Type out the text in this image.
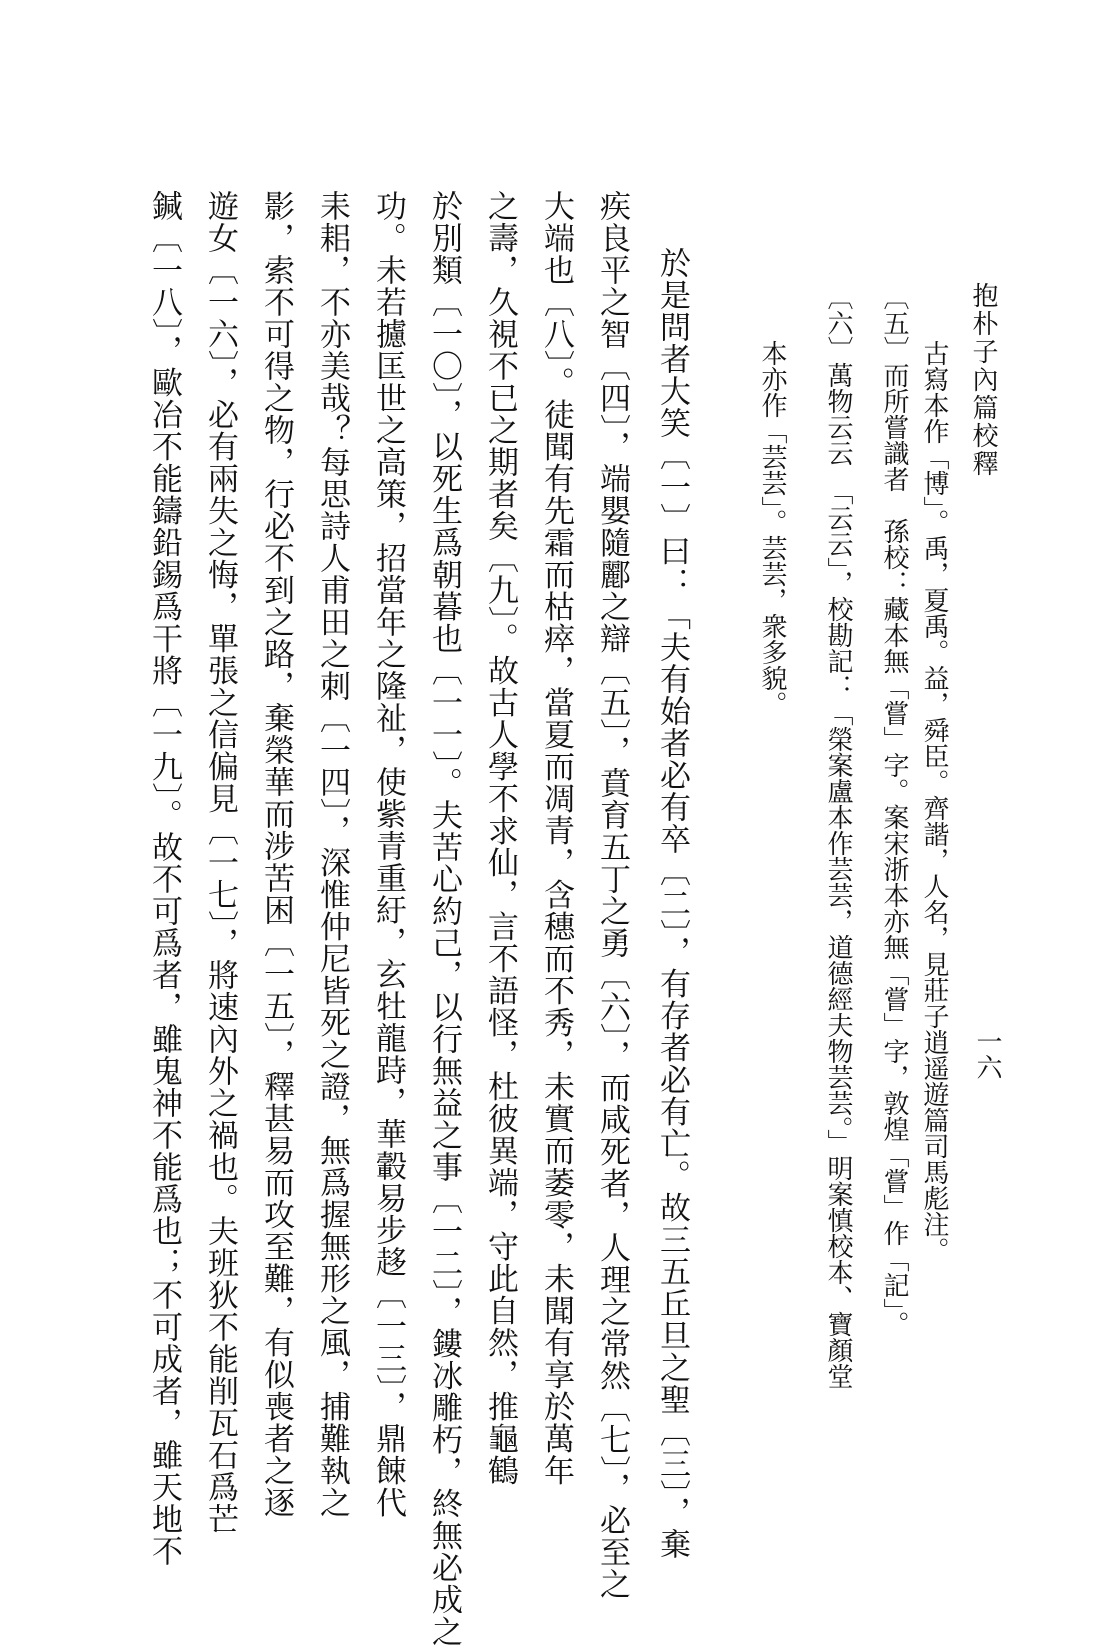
抱朴子內篇校釋
一六
古寫本作「博」。禹，夏禹。益，舜臣。齊諧，人名，見莊子逍遥遊篇司馬彪注。
〔五〕而所嘗識者　孫校：藏本無「嘗」字。案宋浙本亦無「嘗」字，敦煌「嘗」作「記」。
〔六〕萬物云云　「云云」，校勘記：「榮案盧本作芸芸，道德經夫物芸芸。」明案慎校本、寶顏堂
本亦作「芸芸」。芸芸，衆多貌。
於是問者大笑〔一〕曰：「夫有始者必有卒〔二〕，有存者必有亡。故三五丘旦之聖〔三〕，棄
疾良平之智〔四〕，端嬰隨酈之辯〔五〕，賁育五丁之勇〔六〕，而咸死者，人理之常然〔七〕，必至之
大端也〔八〕。徒聞有先霜而枯瘁，當夏而凋青，含穗而不秀，未實而萎零，未聞有享於萬年
之壽，久視不已之期者矣〔九〕。故古人學不求仙，言不語怪，杜彼異端，守此自然，推龜鶴
於別類〔一〇〕，以死生爲朝暮也〔一一〕。夫苦心約己，以行無益之事〔一二〕，鏤冰雕朽，終無必成之
功。未若攄匡世之高策，招當年之隆祉，使紫青重紆，玄牡龍跱，華轂易步趍〔一三〕，鼎餗代
耒耜，不亦美哉？每思詩人甫田之刺〔一四〕，深惟仲尼皆死之證，無爲握無形之風，捕難執之
影，索不可得之物，行必不到之路，棄榮華而涉苦困〔一五〕，釋甚易而攻至難，有似喪者之逐
遊女〔一六〕，必有兩失之悔，單張之信偏見〔一七〕，將速內外之禍也。夫班狄不能削瓦石爲芒
鍼〔一八〕，歐冶不能鑄鉛錫爲干將〔一九〕。故不可爲者，雖鬼神不能爲也；不可成者，雖天地不
